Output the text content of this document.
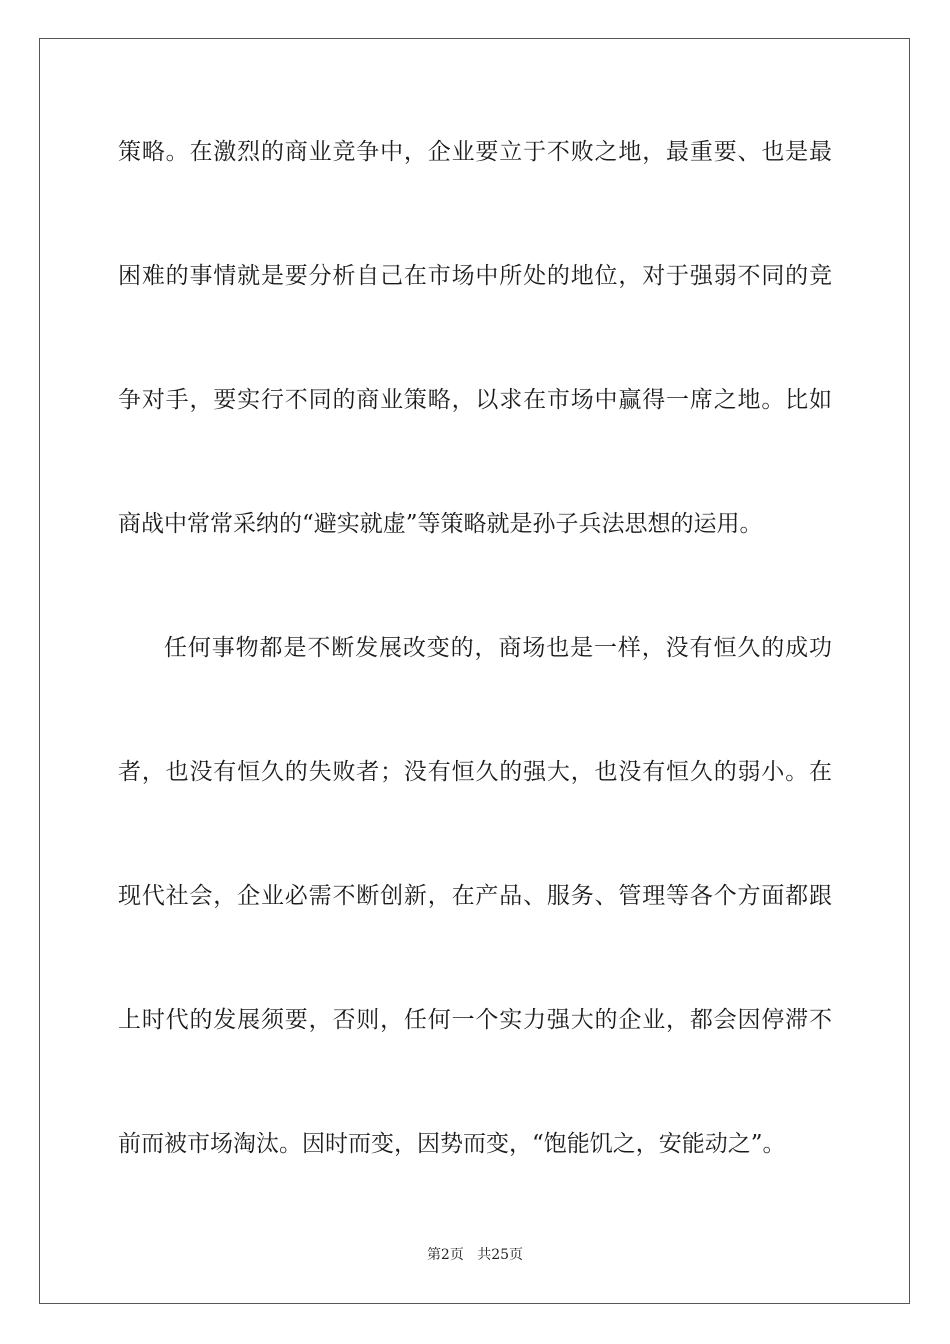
策略。在激烈的商业竞争中，企业要立于不败之地，最重要、也是最
困难的事情就是要分析自己在市场中所处的地位，对于强弱不同的竞
争对手，要实行不同的商业策略，以求在市场中赢得一席之地。比如
商战中常常采纳的“避实就虚”等策略就是孙子兵法思想的运用。
任何事物都是不断发展改变的，商场也是一样，没有恒久的成功
者，也没有恒久的失败者；没有恒久的强大，也没有恒久的弱小。在
现代社会，企业必需不断创新，在产品、服务、管理等各个方面都跟
上时代的发展须要，否则，任何一个实力强大的企业，都会因停滞不
前而被市场淘汰。因时而变，因势而变，“饱能饥之，安能动之”。
第2页 共25页
